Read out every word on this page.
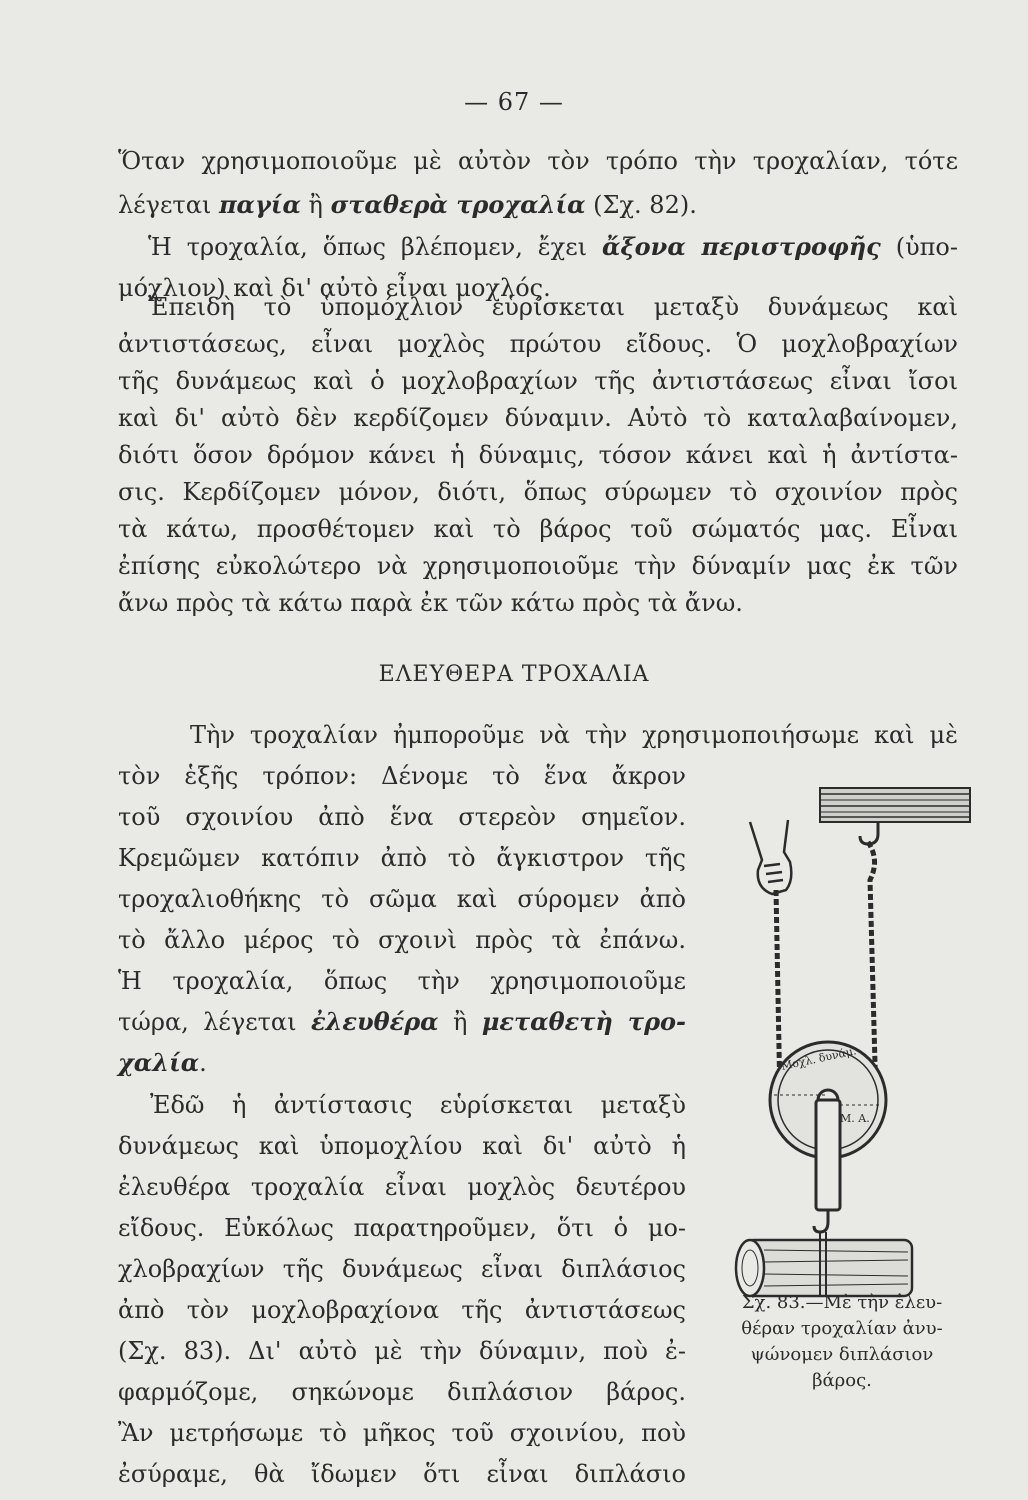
— 67 —
Ὅταν χρησιμοποιοῦμε μὲ αὐτὸν τὸν τρόπο τὴν τροχαλίαν, τότε
λέγεται παγία ἢ σταθερὰ τροχαλία (Σχ. 82).
Ἡ τροχαλία, ὅπως βλέπομεν, ἔχει ἄξονα περιστροφῆς (ὑπο-
μόχλιον) καὶ δι' αὐτὸ εἶναι μοχλός.
Ἐπειδὴ τὸ ὑπομόχλιον εὑρίσκεται μεταξὺ δυνάμεως καὶ
ἀντιστάσεως, εἶναι μοχλὸς πρώτου εἴδους. Ὁ μοχλοβραχίων
τῆς δυνάμεως καὶ ὁ μοχλοβραχίων τῆς ἀντιστάσεως εἶναι ἴσοι
καὶ δι' αὐτὸ δὲν κερδίζομεν δύναμιν. Αὐτὸ τὸ καταλαβαίνομεν,
διότι ὅσον δρόμον κάνει ἡ δύναμις, τόσον κάνει καὶ ἡ ἀντίστα-
σις. Κερδίζομεν μόνον, διότι, ὅπως σύρωμεν τὸ σχοινίον πρὸς
τὰ κάτω, προσθέτομεν καὶ τὸ βάρος τοῦ σώματός μας. Εἶναι
ἐπίσης εὐκολώτερο νὰ χρησιμοποιοῦμε τὴν δύναμίν μας ἐκ τῶν
ἄνω πρὸς τὰ κάτω παρὰ ἐκ τῶν κάτω πρὸς τὰ ἄνω.
ΕΛΕΥΘΕΡΑ ΤΡΟΧΑΛΙΑ
Τὴν τροχαλίαν ἠμποροῦμε νὰ τὴν χρησιμοποιήσωμε καὶ μὲ
τὸν ἑξῆς τρόπον: Δένομε τὸ ἕνα ἄκρον
τοῦ σχοινίου ἀπὸ ἕνα στερεὸν σημεῖον.
Κρεμῶμεν κατόπιν ἀπὸ τὸ ἄγκιστρον τῆς
τροχαλιοθήκης τὸ σῶμα καὶ σύρομεν ἀπὸ
τὸ ἄλλο μέρος τὸ σχοινὶ πρὸς τὰ ἐπάνω.
Ἡ τροχαλία, ὅπως τὴν χρησιμοποιοῦμε
τώρα, λέγεται ἐλευθέρα ἢ μεταθετὴ τρο-
χαλία.
Ἐδῶ ἡ ἀντίστασις εὑρίσκεται μεταξὺ
δυνάμεως καὶ ὑπομοχλίου καὶ δι' αὐτὸ ἡ
ἐλευθέρα τροχαλία εἶναι μοχλὸς δευτέρου
εἴδους. Εὐκόλως παρατηροῦμεν, ὅτι ὁ μο-
χλοβραχίων τῆς δυνάμεως εἶναι διπλάσιος
ἀπὸ τὸν μοχλοβραχίονα τῆς ἀντιστάσεως
(Σχ. 83). Δι' αὐτὸ μὲ τὴν δύναμιν, ποὺ ἐ-
φαρμόζομε, σηκώνομε διπλάσιον βάρος.
Ἂν μετρήσωμε τὸ μῆκος τοῦ σχοινίου, ποὺ
ἐσύραμε, θὰ ἴδωμεν ὅτι εἶναι διπλάσιο
Μοχλ. δυνάμ.
Μ. Α.
Σχ. 83.—Μὲ τὴν ἐλευ-
θέραν τροχαλίαν ἀνυ-
ψώνομεν διπλάσιον
βάρος.
